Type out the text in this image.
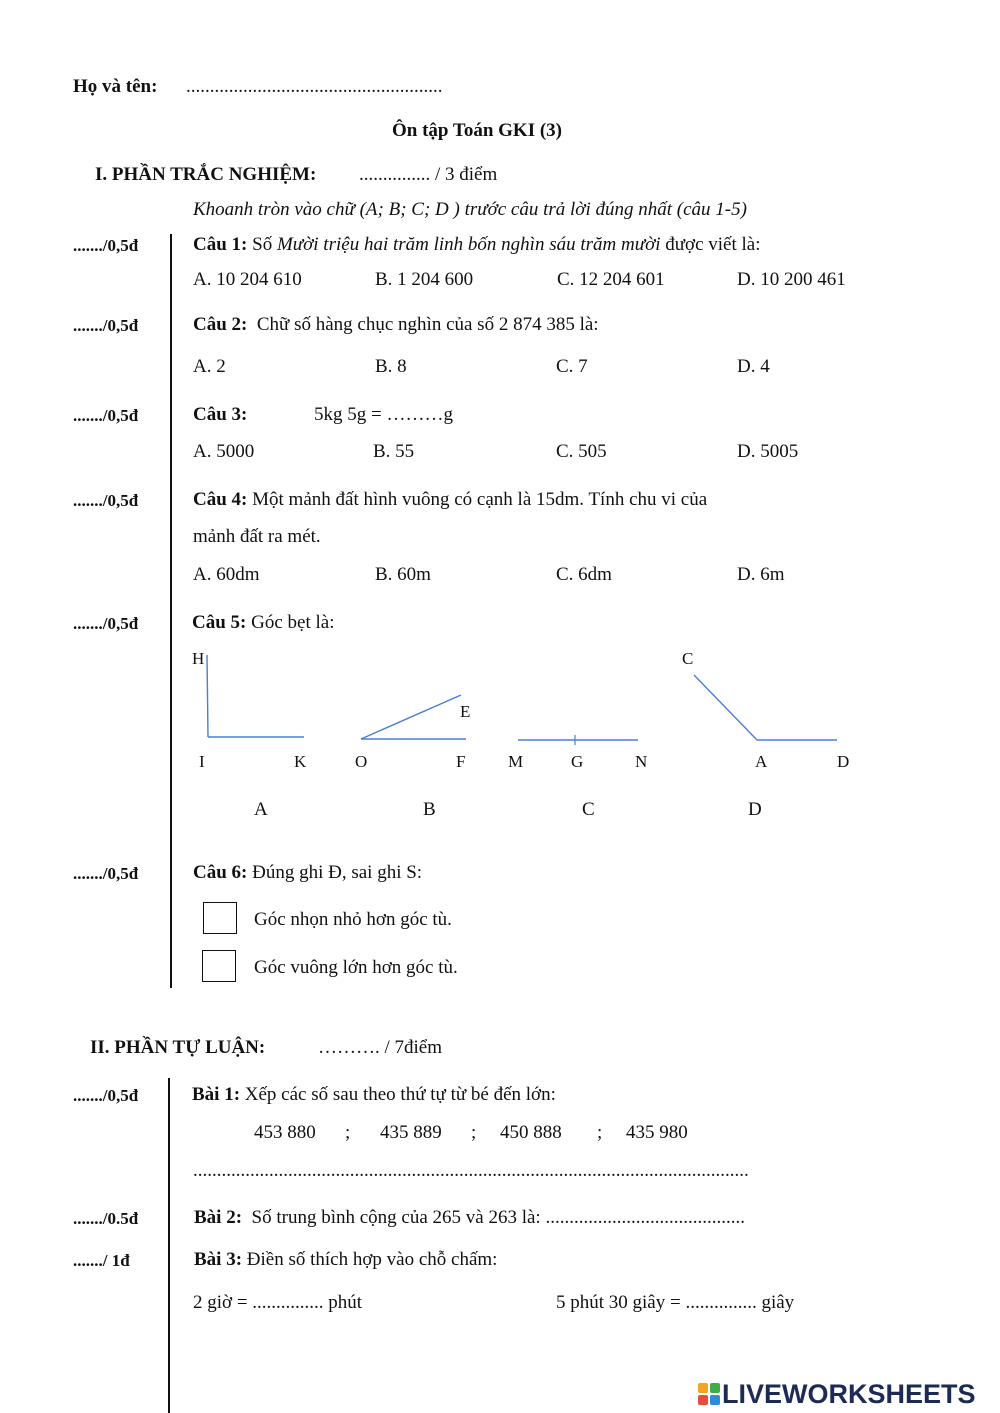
Họ và tên: ......................................................
Ôn tập Toán GKI (3)
I. PHẦN TRẮC NGHIỆM: ............... / 3 điểm
Khoanh tròn vào chữ (A; B; C; D ) trước câu trả lời đúng nhất (câu 1-5)
......./0,5đ	Câu 1: Số Mười triệu hai trăm linh bốn nghìn sáu trăm mười được viết là:
A. 10 204 610	B. 1 204 600	C. 12 204 601	D. 10 200 461
......./0,5đ	Câu 2: Chữ số hàng chục nghìn của số 2 874 385 là:
A. 2	B. 8	C. 7	D. 4
......./0,5đ	Câu 3:	5kg 5g = ………g
A. 5000	B. 55	C. 505	D. 5005
......./0,5đ	Câu 4: Một mảnh đất hình vuông có cạnh là 15dm. Tính chu vi của
mảnh đất ra mét.
A. 60dm	B. 60m	C. 6dm	D. 6m
......./0,5đ	Câu 5: Góc bẹt là:
H
I	K
E
O	F	M	G	N
C
A	D
A	B	C	D
......./0,5đ	Câu 6: Đúng ghi Đ, sai ghi S:
Góc nhọn nhỏ hơn góc tù.
Góc vuông lớn hơn góc tù.
II. PHẦN TỰ LUẬN:	………. / 7điểm
......./0,5đ	Bài 1: Xếp các số sau theo thứ tự từ bé đến lớn:
453 880 ; 435 889 ; 450 888 ; 435 980
.....................................................................................................................
......./0.5đ	Bài 2: Số trung bình cộng của 265 và 263 là: ..........................................
......./ 1đ	Bài 3: Điền số thích hợp vào chỗ chấm:
2 giờ = ............... phút	5 phút 30 giây = ............... giây
LIVEWORKSHEETS
